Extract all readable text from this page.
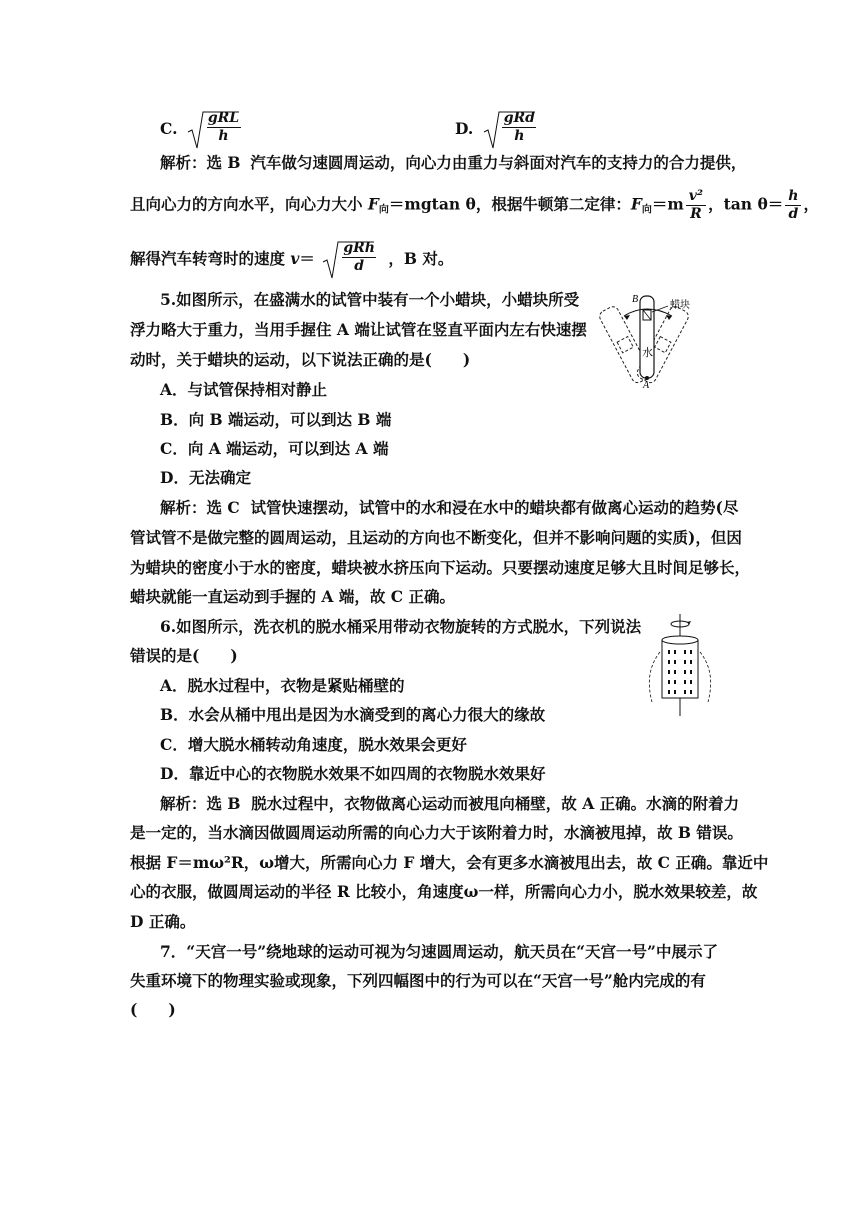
C. $\frac{\text{gRL}}{h}$	D. $\frac{\text{gRd}}{h}$
解析：选 B 汽车做匀速圆周运动，向心力由重力与斜面对汽车的支持力的合力提供，
且向心力的方向水平，向心力大小 $F_向=mgtan$ θ，根据牛顿第二定律：$F_向=m \frac{\text{v²}}{R}$ ，$\tan \theta= \frac{h}{d}$ ，
解得汽车转弯时的速度 $v= \frac{\text{gRh}}{d}$ ，B 对。
5.如图所示，在盛满水的试管中装有一个小蜡块，小蜡块所受
浮力略大于重力，当用手握住 A 端让试管在竖直平面内左右快速摆
动时，关于蜡块的运动，以下说法正确的是(　　)
A．与试管保持相对静止
B．向 B 端运动，可以到达 B 端
C．向 A 端运动，可以到达 A 端
D．无法确定
B
蜡块
水
A
解析：选 C 试管快速摆动，试管中的水和浸在水中的蜡块都有做离心运动的趋势(尽
管试管不是做完整的圆周运动，且运动的方向也不断变化，但并不影响问题的实质)，但因
为蜡块的密度小于水的密度，蜡块被水挤压向下运动。只要摆动速度足够大且时间足够长，
蜡块就能一直运动到手握的 A 端，故 C 正确。
6.如图所示，洗衣机的脱水桶采用带动衣物旋转的方式脱水，下列说法
错误的是(　　)
A．脱水过程中，衣物是紧贴桶壁的
B．水会从桶中甩出是因为水滴受到的离心力很大的缘故
C．增大脱水桶转动角速度，脱水效果会更好
D．靠近中心的衣物脱水效果不如四周的衣物脱水效果好
解析：选 B 脱水过程中，衣物做离心运动而被甩向桶壁，故 A 正确。水滴的附着力
是一定的，当水滴因做圆周运动所需的向心力大于该附着力时，水滴被甩掉，故 B 错误。
根据 F＝mω²R，ω增大，所需向心力 F 增大，会有更多水滴被甩出去，故 C 正确。靠近中
心的衣服，做圆周运动的半径 R 比较小，角速度ω一样，所需向心力小，脱水效果较差，故
D 正确。
7．“天宫一号”绕地球的运动可视为匀速圆周运动，航天员在“天宫一号”中展示了
失重环境下的物理实验或现象，下列四幅图中的行为可以在“天宫一号”舱内完成的有
(　　)
